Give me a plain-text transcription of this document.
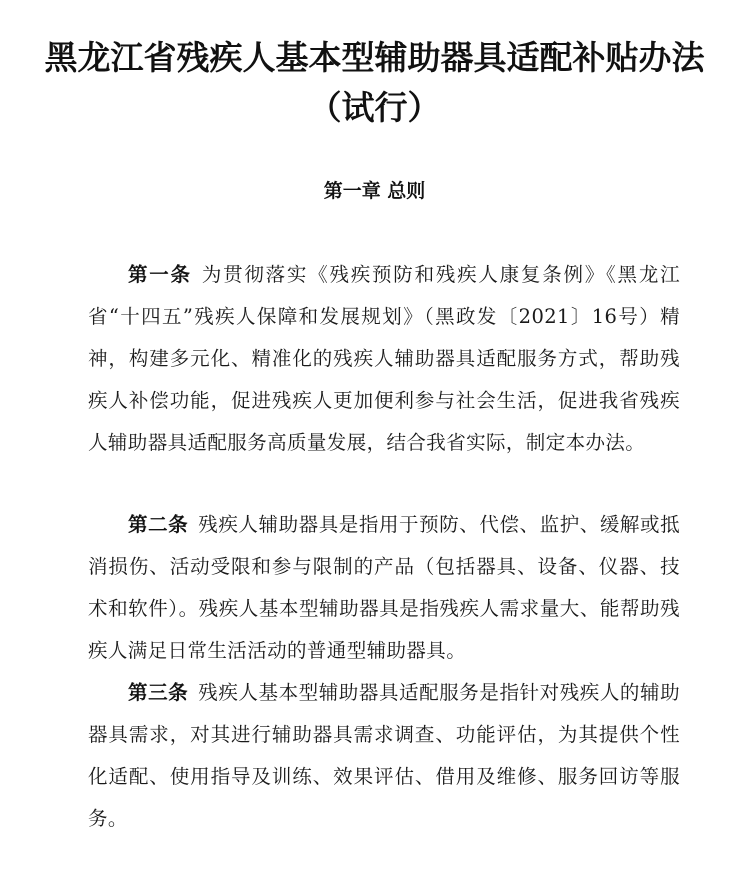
黑龙江省残疾人基本型辅助器具适配补贴办法
（试行）
第一章 总则

第一条 为贯彻落实《残疾预防和残疾人康复条例》《黑龙江省“十四五”残疾人保障和发展规划》（黑政发〔2021〕16号）精神，构建多元化、精准化的残疾人辅助器具适配服务方式，帮助残疾人补偿功能，促进残疾人更加便利参与社会生活，促进我省残疾人辅助器具适配服务高质量发展，结合我省实际，制定本办法。

第二条 残疾人辅助器具是指用于预防、代偿、监护、缓解或抵消损伤、活动受限和参与限制的产品（包括器具、设备、仪器、技术和软件）。残疾人基本型辅助器具是指残疾人需求量大、能帮助残疾人满足日常生活活动的普通型辅助器具。

第三条 残疾人基本型辅助器具适配服务是指针对残疾人的辅助器具需求，对其进行辅助器具需求调查、功能评估，为其提供个性化适配、使用指导及训练、效果评估、借用及维修、服务回访等服务。
